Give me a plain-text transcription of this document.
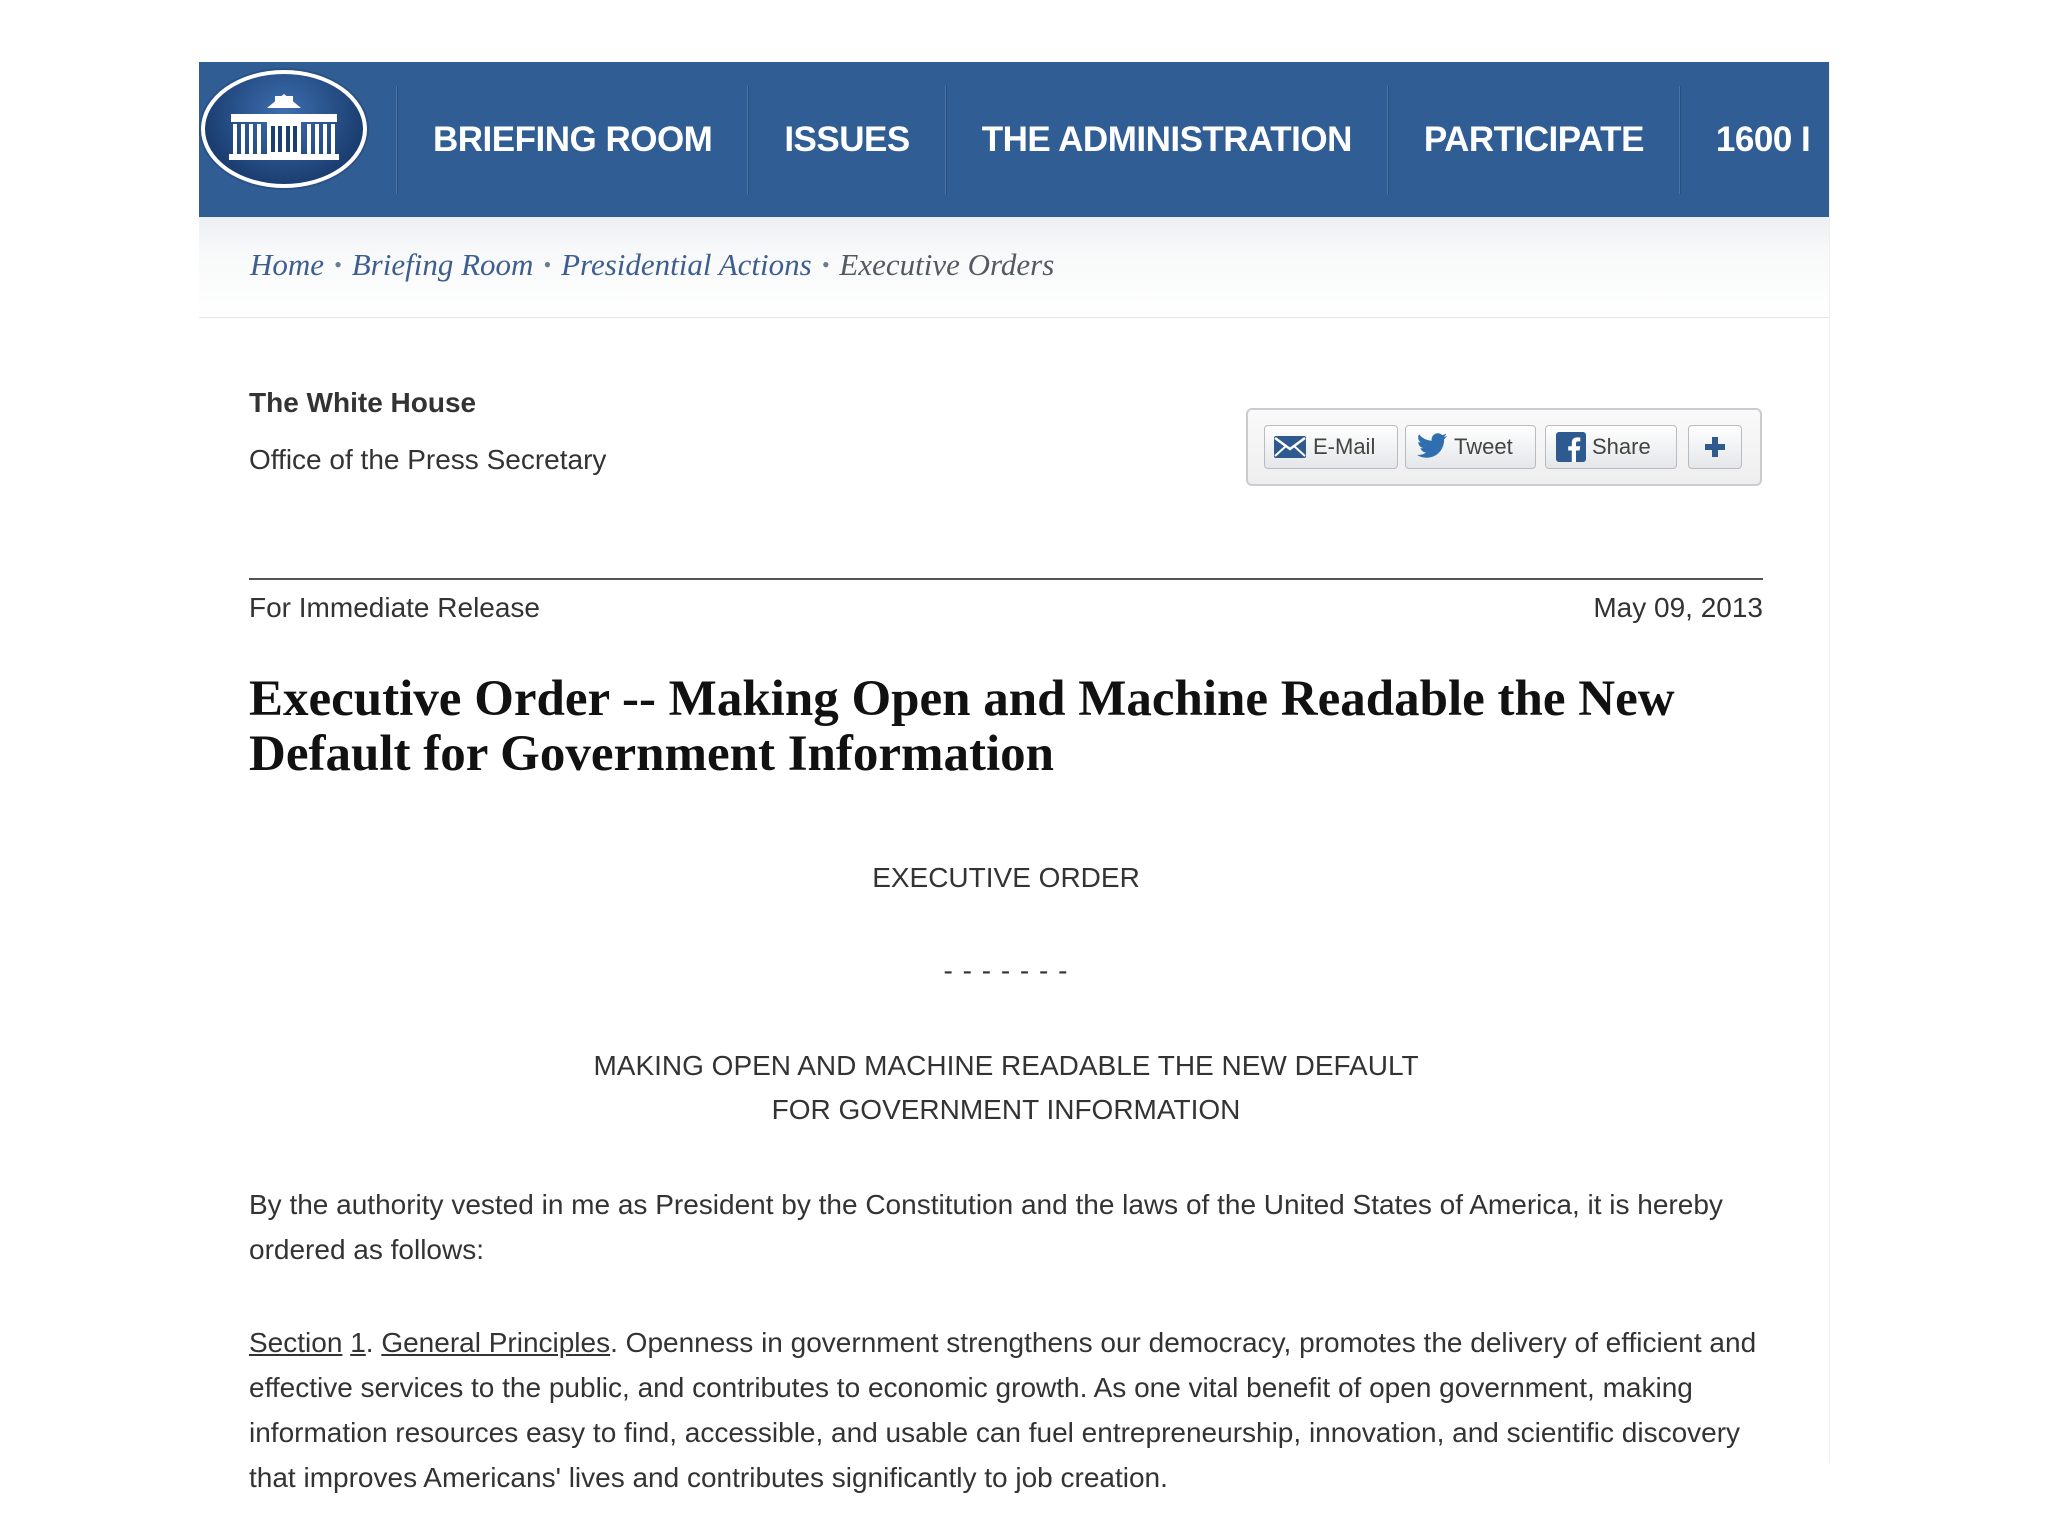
BRIEFING ROOM	ISSUES	THE ADMINISTRATION	PARTICIPATE	1600 I
Home • Briefing Room • Presidential Actions • Executive Orders
The White House
Office of the Press Secretary	E-Mail	Tweet	Share
For Immediate Release	May 09, 2013
Executive Order -- Making Open and Machine Readable the New Default for Government Information
EXECUTIVE ORDER
- - - - - - -
MAKING OPEN AND MACHINE READABLE THE NEW DEFAULT
FOR GOVERNMENT INFORMATION
By the authority vested in me as President by the Constitution and the laws of the United States of America, it is hereby ordered as follows:
Section 1. General Principles. Openness in government strengthens our democracy, promotes the delivery of efficient and effective services to the public, and contributes to economic growth. As one vital benefit of open government, making information resources easy to find, accessible, and usable can fuel entrepreneurship, innovation, and scientific discovery that improves Americans' lives and contributes significantly to job creation.
